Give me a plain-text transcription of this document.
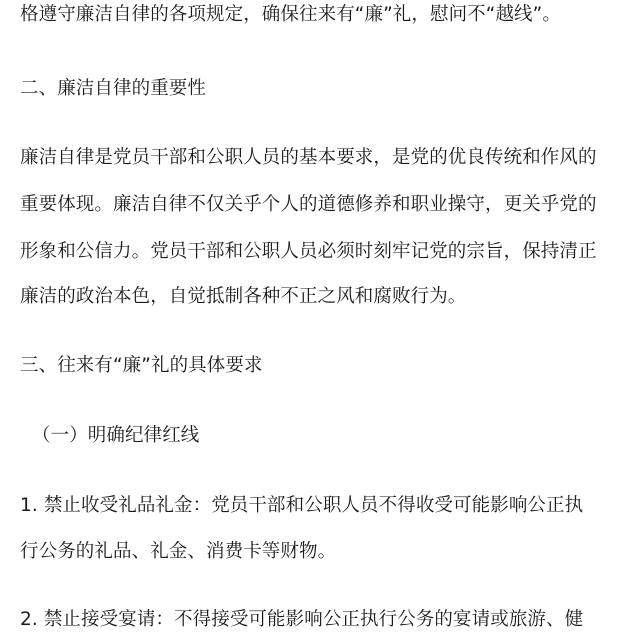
格遵守廉洁自律的各项规定，确保往来有“廉”礼，慰问不“越线”。
二、廉洁自律的重要性
廉洁自律是党员干部和公职人员的基本要求，是党的优良传统和作风的
重要体现。廉洁自律不仅关乎个人的道德修养和职业操守，更关乎党的
形象和公信力。党员干部和公职人员必须时刻牢记党的宗旨，保持清正
廉洁的政治本色，自觉抵制各种不正之风和腐败行为。
三、往来有“廉”礼的具体要求
（一）明确纪律红线
1. 禁止收受礼品礼金：党员干部和公职人员不得收受可能影响公正执
行公务的礼品、礼金、消费卡等财物。
2. 禁止接受宴请：不得接受可能影响公正执行公务的宴请或旅游、健
